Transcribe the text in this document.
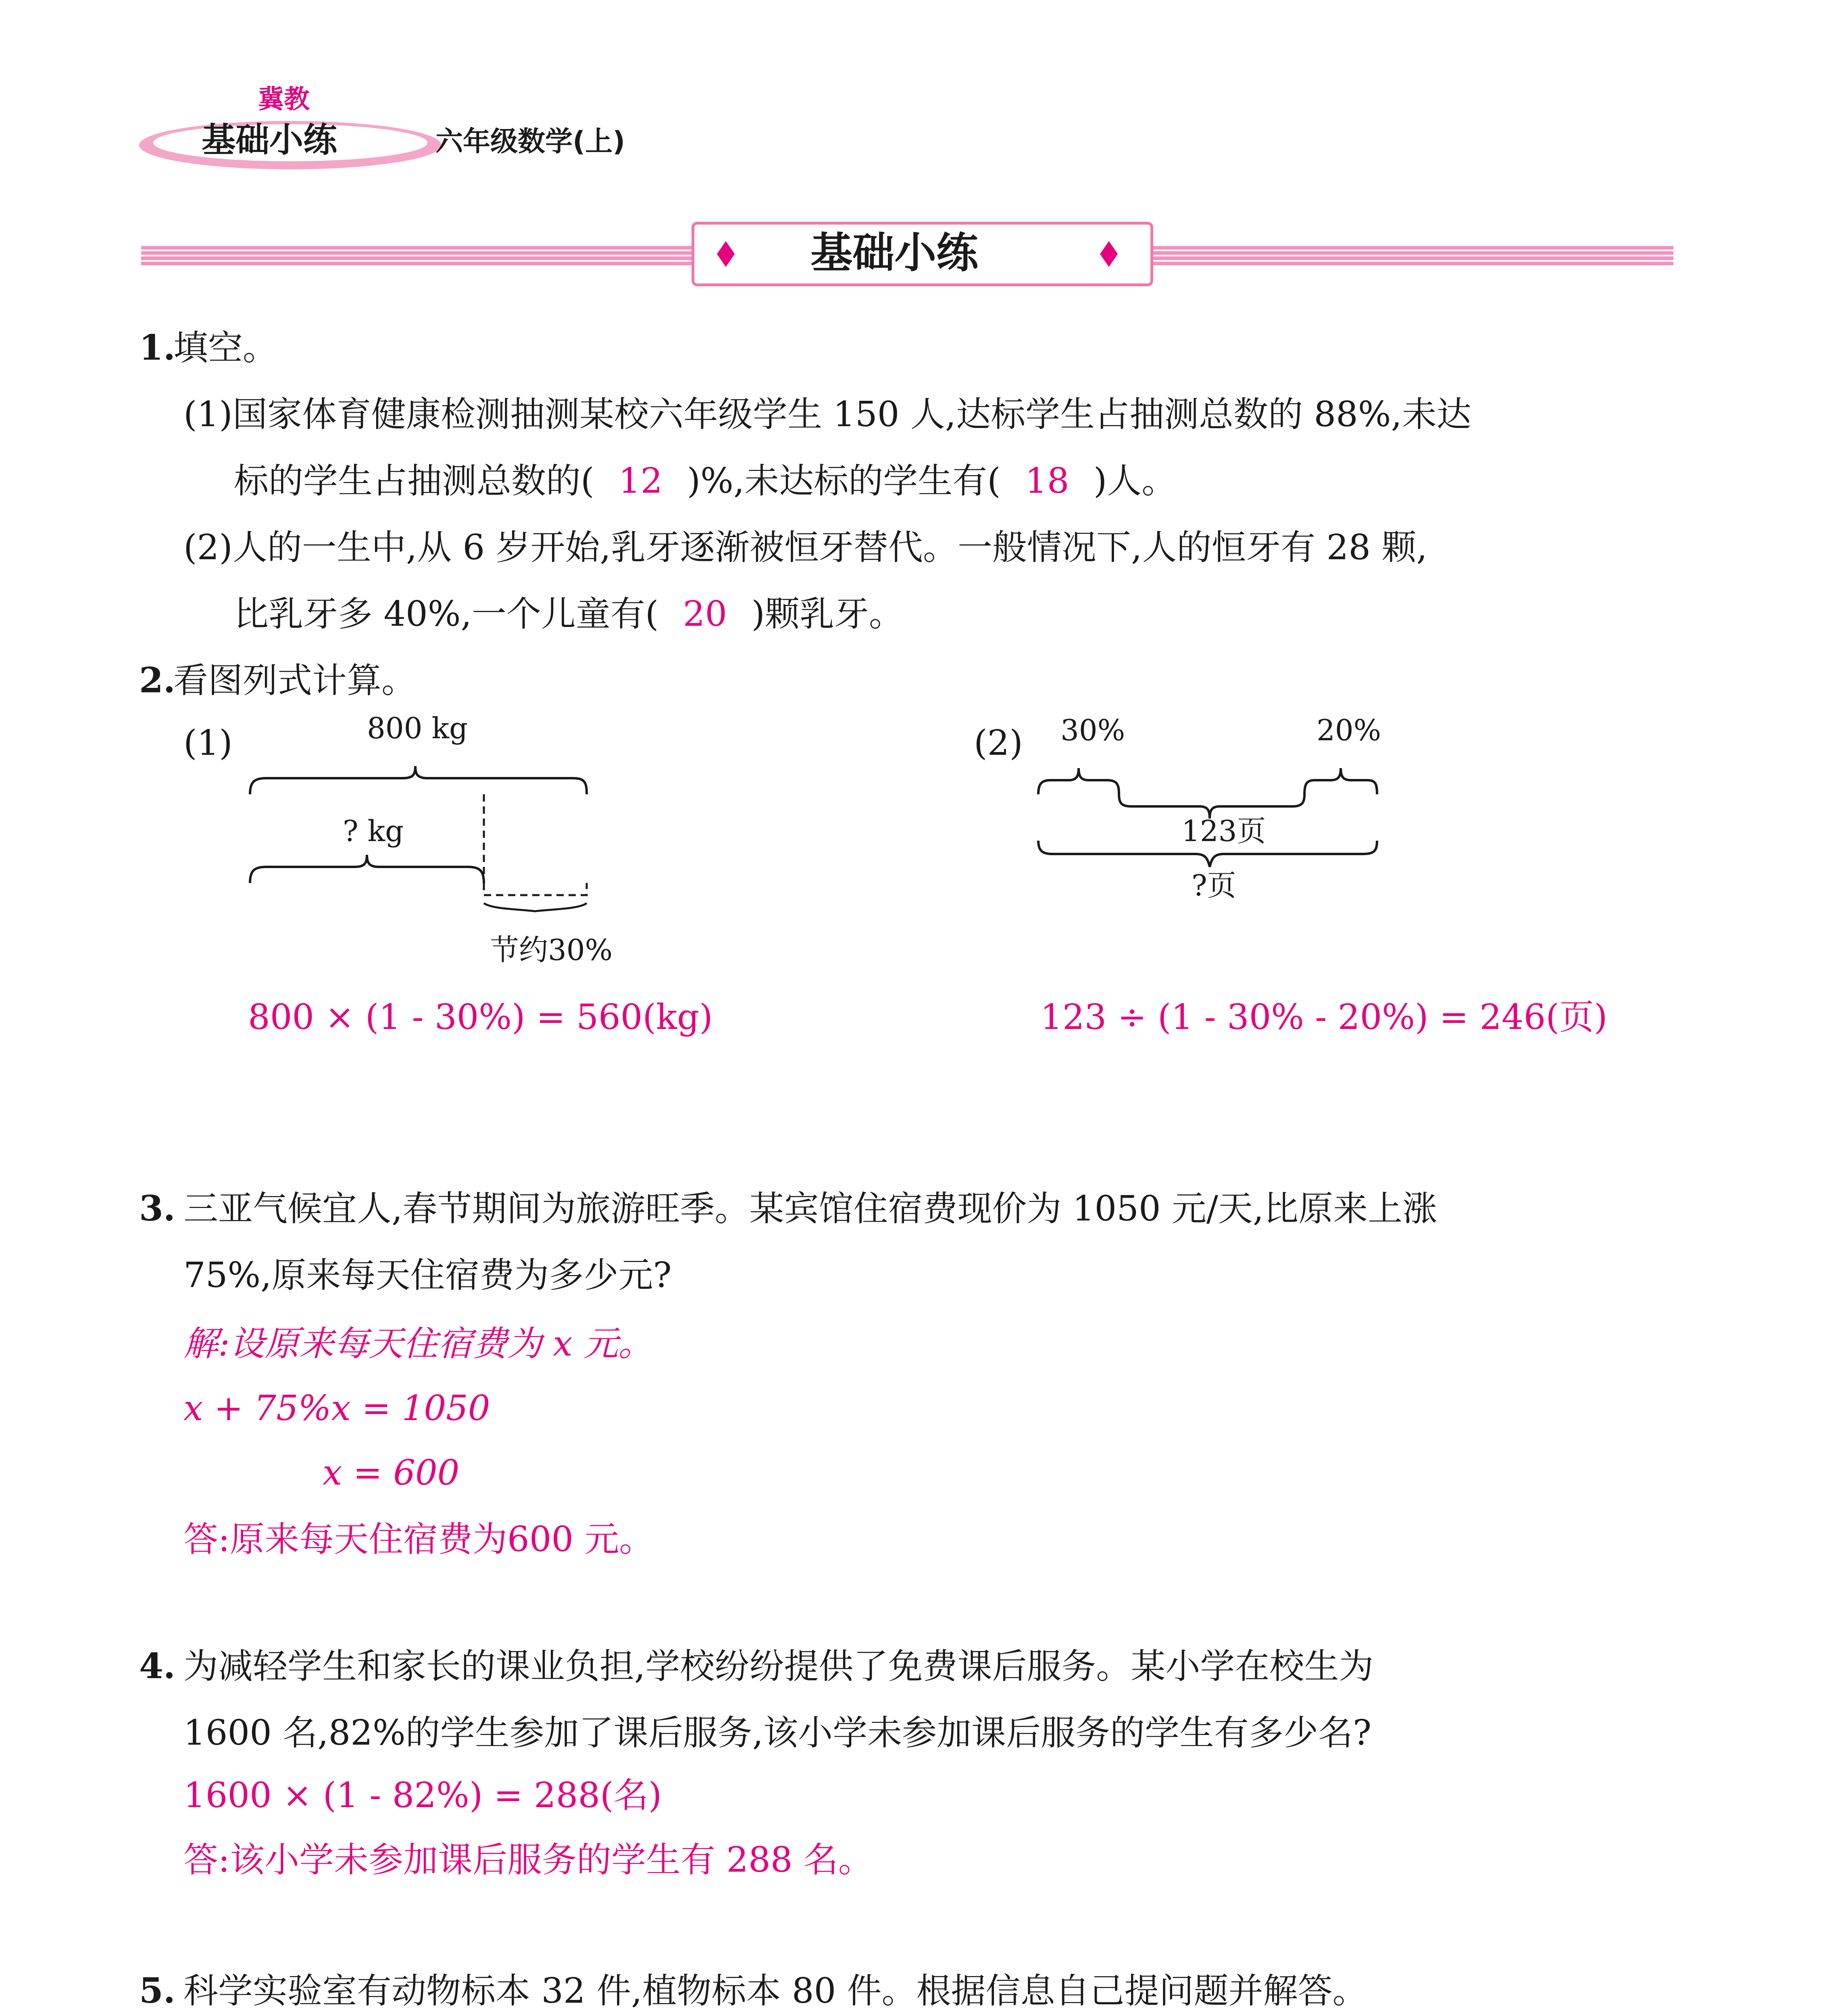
冀教
基础小练	六年级数学(上)
基础小练
1.
填空。
(1)国家体育健康检测抽测某校六年级学生 150 人,达标学生占抽测总数的 88%,未达
标的学生占抽测总数的( 12 )%,未达标的学生有( 18 )人。
(2)人的一生中,从 6 岁开始,乳牙逐渐被恒牙替代。一般情况下,人的恒牙有 28 颗,
比乳牙多 40%,一个儿童有( 20 )颗乳牙。
2.
看图列式计算。
(1)	800 kg
? kg
节约30%
800 × (1 - 30%) = 560(kg)
(2) 30%	20%
123页
?页
123 ÷ (1 - 30% - 20%) = 246(页)
3. 三亚气候宜人,春节期间为旅游旺季。某宾馆住宿费现价为 1050 元/天,比原来上涨
75%,原来每天住宿费为多少元?
解:设原来每天住宿费为 x 元。
x + 75%x = 1050
x = 600
答:原来每天住宿费为600 元。
4. 为减轻学生和家长的课业负担,学校纷纷提供了免费课后服务。某小学在校生为
1600 名,82%的学生参加了课后服务,该小学未参加课后服务的学生有多少名?
1600 × (1 - 82%) = 288(名)
答:该小学未参加课后服务的学生有 288 名。
5. 科学实验室有动物标本 32 件,植物标本 80 件。根据信息自己提问题并解答。
